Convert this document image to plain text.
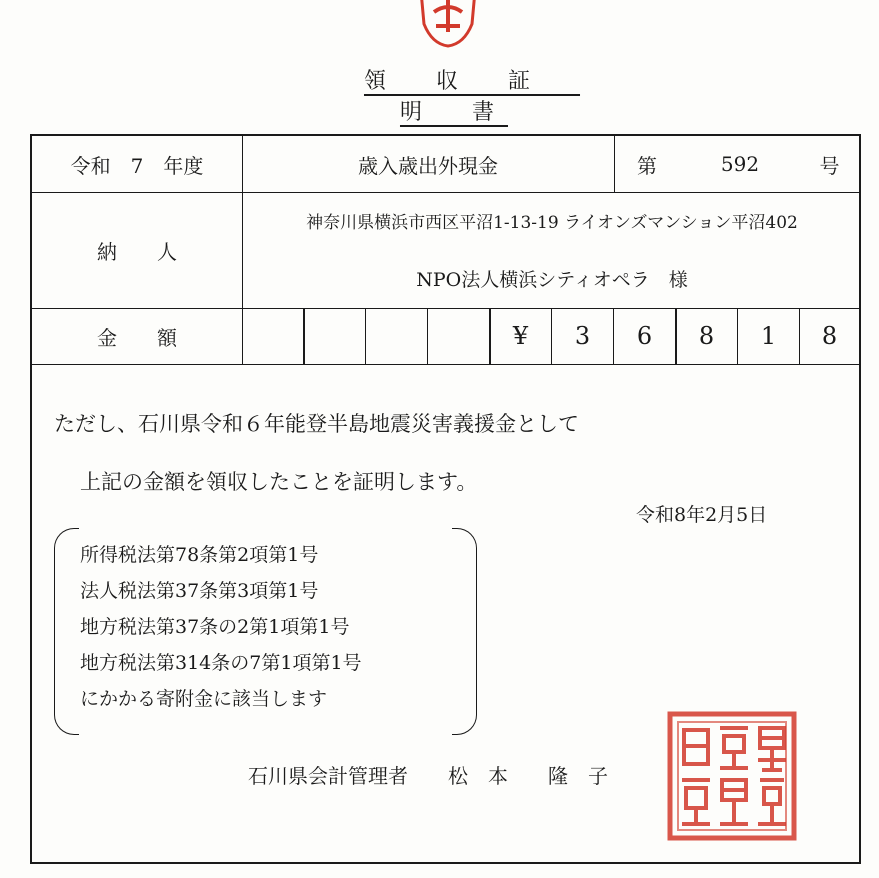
領　収　証　明　書
令和　7　年度	歳入歳出外現金	第	592	号
納　　人
神奈川県横浜市西区平沼1-13-19 ライオンズマンション平沼402
NPO法人横浜シティオペラ　様
金　　額	¥	3	6	8	1	8
ただし、石川県令和６年能登半島地震災害義援金として
上記の金額を領収したことを証明します。
令和8年2月5日
所得税法第78条第2項第1号
法人税法第37条第3項第1号
地方税法第37条の2第1項第1号
地方税法第314条の7第1項第1号
にかかる寄附金に該当します
石川県会計管理者　　松　本　　隆　子
